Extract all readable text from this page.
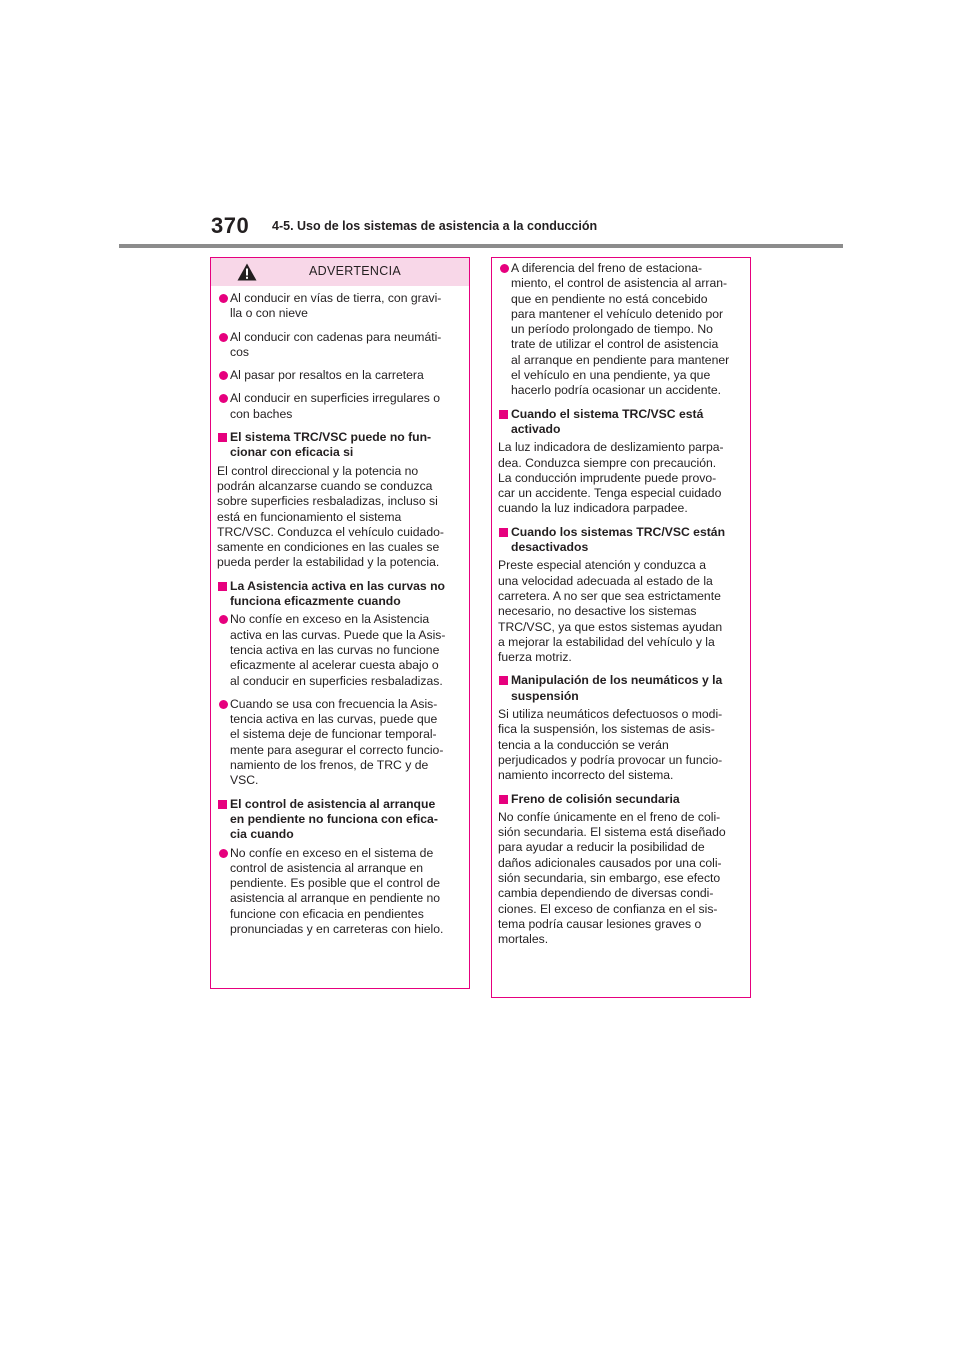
370 4-5. Uso de los sistemas de asistencia a la conducción
ADVERTENCIA
Al conducir en vías de tierra, con gravi-
lla o con nieve
Al conducir con cadenas para neumáti-
cos
Al pasar por resaltos en la carretera
Al conducir en superficies irregulares o
con baches
El sistema TRC/VSC puede no fun-
cionar con eficacia si
El control direccional y la potencia no
podrán alcanzarse cuando se conduzca
sobre superficies resbaladizas, incluso si
está en funcionamiento el sistema
TRC/VSC. Conduzca el vehículo cuidado-
samente en condiciones en las cuales se
pueda perder la estabilidad y la potencia.
La Asistencia activa en las curvas no
funciona eficazmente cuando
No confíe en exceso en la Asistencia
activa en las curvas. Puede que la Asis-
tencia activa en las curvas no funcione
eficazmente al acelerar cuesta abajo o
al conducir en superficies resbaladizas.
Cuando se usa con frecuencia la Asis-
tencia activa en las curvas, puede que
el sistema deje de funcionar temporal-
mente para asegurar el correcto funcio-
namiento de los frenos, de TRC y de
VSC.
El control de asistencia al arranque
en pendiente no funciona con efica-
cia cuando
No confíe en exceso en el sistema de
control de asistencia al arranque en
pendiente. Es posible que el control de
asistencia al arranque en pendiente no
funcione con eficacia en pendientes
pronunciadas y en carreteras con hielo.
A diferencia del freno de estaciona-
miento, el control de asistencia al arran-
que en pendiente no está concebido
para mantener el vehículo detenido por
un período prolongado de tiempo. No
trate de utilizar el control de asistencia
al arranque en pendiente para mantener
el vehículo en una pendiente, ya que
hacerlo podría ocasionar un accidente.
Cuando el sistema TRC/VSC está
activado
La luz indicadora de deslizamiento parpa-
dea. Conduzca siempre con precaución.
La conducción imprudente puede provo-
car un accidente. Tenga especial cuidado
cuando la luz indicadora parpadee.
Cuando los sistemas TRC/VSC están
desactivados
Preste especial atención y conduzca a
una velocidad adecuada al estado de la
carretera. A no ser que sea estrictamente
necesario, no desactive los sistemas
TRC/VSC, ya que estos sistemas ayudan
a mejorar la estabilidad del vehículo y la
fuerza motriz.
Manipulación de los neumáticos y la
suspensión
Si utiliza neumáticos defectuosos o modi-
fica la suspensión, los sistemas de asis-
tencia a la conducción se verán
perjudicados y podría provocar un funcio-
namiento incorrecto del sistema.
Freno de colisión secundaria
No confíe únicamente en el freno de coli-
sión secundaria. El sistema está diseñado
para ayudar a reducir la posibilidad de
daños adicionales causados por una coli-
sión secundaria, sin embargo, ese efecto
cambia dependiendo de diversas condi-
ciones. El exceso de confianza en el sis-
tema podría causar lesiones graves o
mortales.
